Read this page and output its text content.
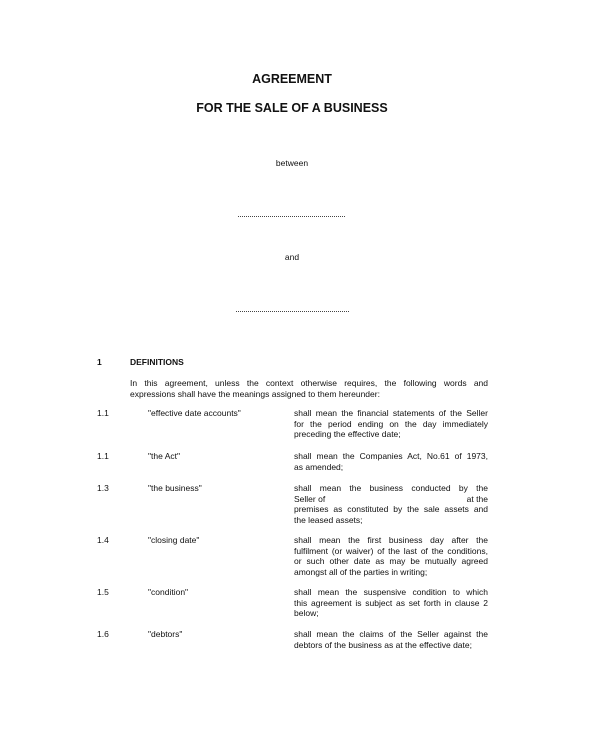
AGREEMENT
FOR THE SALE OF A BUSINESS
between
and
1	DEFINITIONS
In this agreement, unless the context otherwise requires, the following words and
expressions shall have the meanings assigned to them hereunder:
1.1	"effective date accounts"	shall mean the financial statements of the Seller
for the period ending on the day immediately
preceding the effective date;
1.1	"the Act"	shall mean the Companies Act, No.61 of 1973,
as amended;
1.3	"the business"	shall mean the business conducted by the
Seller of                                                          at the
premises as constituted by the sale assets and
the leased assets;
1.4	"closing date"	shall mean the first business day after the
fulfilment (or waiver) of the last of the conditions,
or such other date as may be mutually agreed
amongst all of the parties in writing;
1.5	"condition"	shall mean the suspensive condition to which
this agreement is subject as set forth in clause 2
below;
1.6	"debtors"	shall mean the claims of the Seller against the
debtors of the business as at the effective date;
